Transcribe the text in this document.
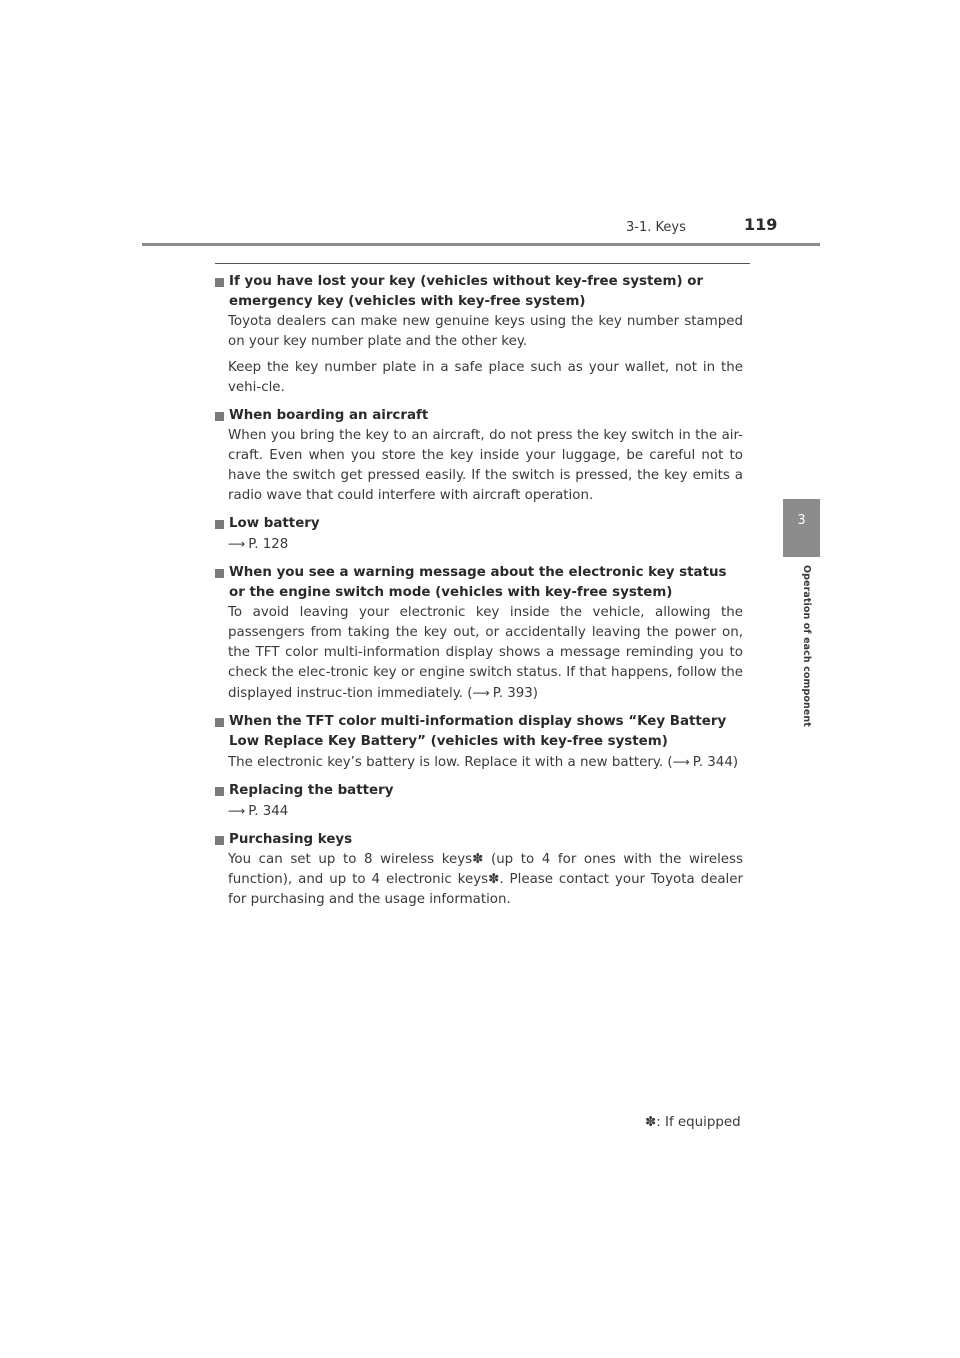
3-1. Keys	119
3
Operation of each component
If you have lost your key (vehicles without key-free system) or emergency key (vehicles with key-free system)

Toyota dealers can make new genuine keys using the key number stamped on your key number plate and the other key.

Keep the key number plate in a safe place such as your wallet, not in the vehi-cle.

When boarding an aircraft

When you bring the key to an aircraft, do not press the key switch in the air-craft. Even when you store the key inside your luggage, be careful not to have the switch get pressed easily. If the switch is pressed, the key emits a radio wave that could interfere with aircraft operation.

Low battery
⟶ P. 128
When you see a warning message about the electronic key status or the engine switch mode (vehicles with key-free system)

To avoid leaving your electronic key inside the vehicle, allowing the passengers from taking the key out, or accidentally leaving the power on, the TFT color multi-information display shows a message reminding you to check the elec-tronic key or engine switch status. If that happens, follow the displayed instruc-tion immediately. (⟶ P. 393)

When the TFT color multi-information display shows “Key Battery Low Replace Key Battery” (vehicles with key-free system)

The electronic key’s battery is low. Replace it with a new battery. (⟶ P. 344)

Replacing the battery
⟶ P. 344
Purchasing keys

You can set up to 8 wireless keys✽ (up to 4 for ones with the wireless function), and up to 4 electronic keys✽. Please contact your Toyota dealer for purchasing and the usage information.

✽: If equipped
